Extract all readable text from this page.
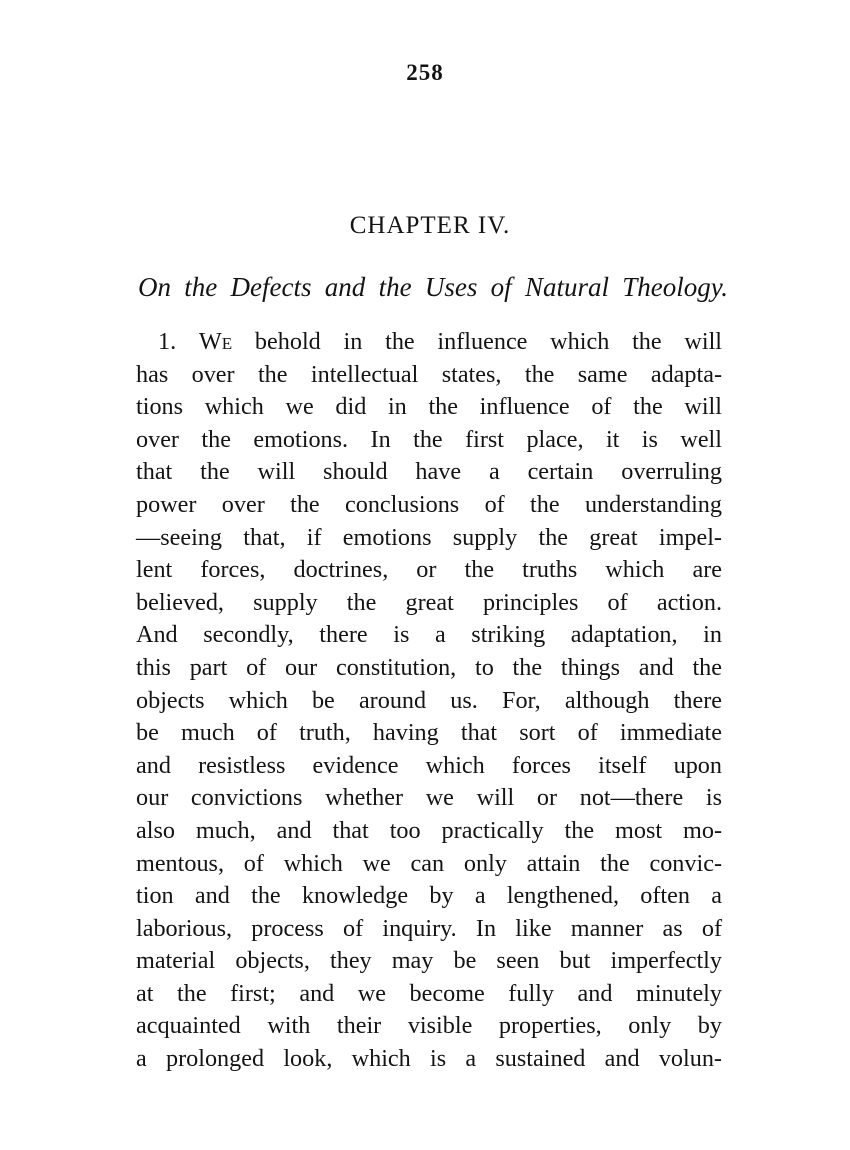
258
CHAPTER IV.
On the Defects and the Uses of Natural Theology.
1. We behold in the influence which the will
has over the intellectual states, the same adapta-
tions which we did in the influence of the will
over the emotions. In the first place, it is well
that the will should have a certain overruling
power over the conclusions of the understanding
—seeing that, if emotions supply the great impel-
lent forces, doctrines, or the truths which are
believed, supply the great principles of action.
And secondly, there is a striking adaptation, in
this part of our constitution, to the things and the
objects which be around us. For, although there
be much of truth, having that sort of immediate
and resistless evidence which forces itself upon
our convictions whether we will or not—there is
also much, and that too practically the most mo-
mentous, of which we can only attain the convic-
tion and the knowledge by a lengthened, often a
laborious, process of inquiry. In like manner as of
material objects, they may be seen but imperfectly
at the first; and we become fully and minutely
acquainted with their visible properties, only by
a prolonged look, which is a sustained and volun-
